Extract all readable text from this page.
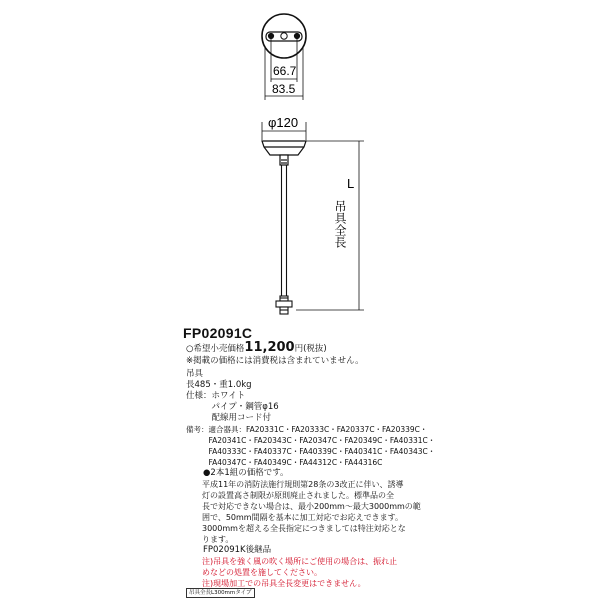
66.7
83.5
φ120
L
吊具全長
FP02091C
○希望小売価格11,200円(税抜)
※掲載の価格には消費税は含まれていません。
吊具
長485・重1.0kg
仕様：ホワイト
　　　パイプ・鋼管φ16
　　　配線用コード付
備考：適合器具：FA20331C・FA20333C・FA20337C・FA20339C・
　　　FA20341C・FA20343C・FA20347C・FA20349C・FA40331C・
　　　FA40333C・FA40337C・FA40339C・FA40341C・FA40343C・
　　　FA40347C・FA40349C・FA44312C・FA44316C
　　●2本1組の価格です。
　　平成11年の消防法施行規則第28条の3改正に伴い、誘導
　　灯の設置高さ制限が原則廃止されました。標準品の全
　　長で対応できない場合は、最小200mm～最大3000mmの範
　　囲で、50mm間隔を基本に加工対応でお応えできます。
　　3000mmを超える全長指定につきましては特注対応とな
　　ります。
　　FP02091K後継品
　　注)吊具を強く風の吹く場所にご使用の場合は、振れ止
　　めなどの処置を施してください。
　　注)現場加工での吊具全長変更はできません。
吊具全長L300mmタイプ
